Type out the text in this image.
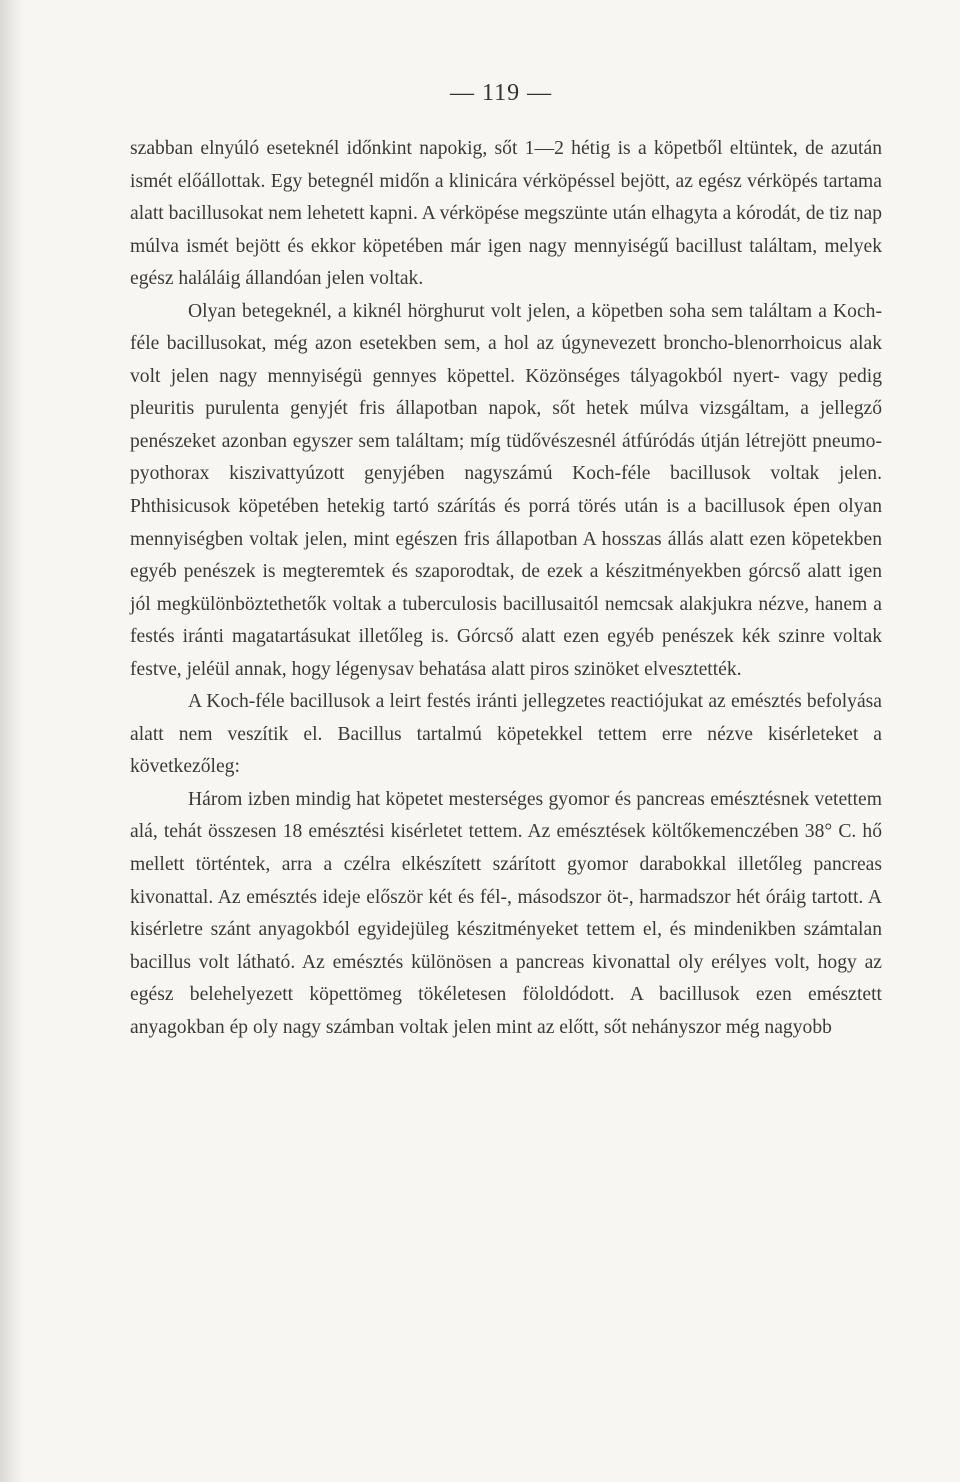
— 119 —

szabban elnyúló eseteknél időnkint napokig, sőt 1—2 hétig is a köpetből eltüntek, de azután ismét előállottak. Egy betegnél midőn a klinicára vérköpéssel bejött, az egész vérköpés tartama alatt bacillusokat nem lehetett kapni. A vérköpése megszünte után elhagyta a kórodát, de tiz nap múlva ismét bejött és ekkor köpetében már igen nagy mennyiségű bacillust találtam, melyek egész haláláig állandóan jelen voltak.

Olyan betegeknél, a kiknél hörghurut volt jelen, a köpetben soha sem találtam a Koch-féle bacillusokat, még azon esetekben sem, a hol az úgynevezett broncho-blenorrhoicus alak volt jelen nagy mennyiségü gennyes köpettel. Közönséges tályagokból nyert- vagy pedig pleuritis purulenta genyjét fris állapotban napok, sőt hetek múlva vizsgáltam, a jellegző penészeket azonban egyszer sem találtam; míg tüdővészesnél átfúródás útján létrejött pneumo-pyothorax kiszivattyúzott genyjében nagyszámú Koch-féle bacillusok voltak jelen. Phthisicusok köpetében hetekig tartó szárítás és porrá törés után is a bacillusok épen olyan mennyiségben voltak jelen, mint egészen fris állapotban A hosszas állás alatt ezen köpetekben egyéb penészek is megteremtek és szaporodtak, de ezek a készitményekben górcső alatt igen jól megkülönböztethetők voltak a tuberculosis bacillusaitól nemcsak alakjukra nézve, hanem a festés iránti magatartásukat illetőleg is. Górcső alatt ezen egyéb penészek kék szinre voltak festve, jeléül annak, hogy légenysav behatása alatt piros szinöket elvesztették.

A Koch-féle bacillusok a leirt festés iránti jellegzetes reactiójukat az emésztés befolyása alatt nem veszítik el. Bacillus tartalmú köpetekkel tettem erre nézve kisérleteket a következőleg:

Három izben mindig hat köpetet mesterséges gyomor és pancreas emésztésnek vetettem alá, tehát összesen 18 emésztési kisérletet tettem. Az emésztések költőkemenczében 38° C. hő mellett történtek, arra a czélra elkészített szárított gyomor darabokkal illetőleg pancreas kivonattal. Az emésztés ideje először két és fél-, másodszor öt-, harmadszor hét óráig tartott. A kisérletre szánt anyagokból egyidejüleg készitményeket tettem el, és mindenikben számtalan bacillus volt látható. Az emésztés különösen a pancreas kivonattal oly erélyes volt, hogy az egész belehelyezett köpettömeg tökéletesen föloldódott. A bacillusok ezen emésztett anyagokban ép oly nagy számban voltak jelen mint az előtt, sőt nehányszor még nagyobb
